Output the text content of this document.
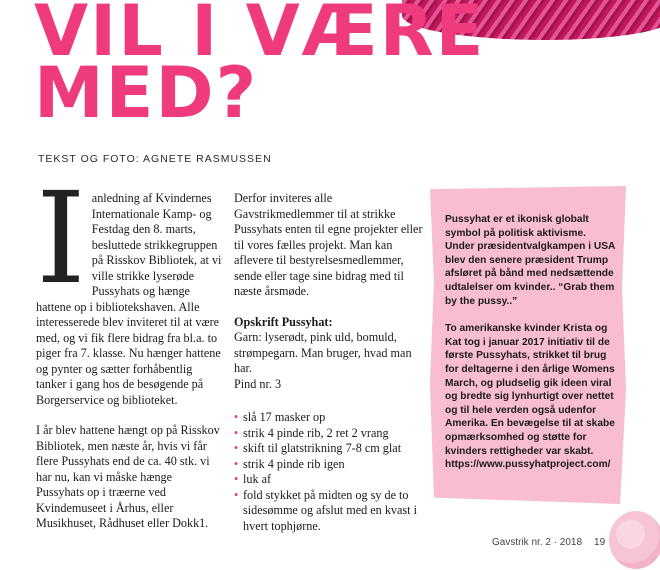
VIL I VÆRE
MED?
TEKST OG FOTO: AGNETE RASMUSSEN
I anledning af Kvindernes Internationale Kamp- og Festdag den 8. marts, besluttede strikkegruppen på Risskov Bibliotek, at vi ville strikke lyserøde Pussyhats og hænge hattene op i bibliotekshaven. Alle interesserede blev inviteret til at være med, og vi fik flere bidrag fra bl.a. to piger fra 7. klasse. Nu hænger hattene og pynter og sætter forhåbentlig tanker i gang hos de besøgende på Borgerservice og biblioteket.

I år blev hattene hængt op på Risskov Bibliotek, men næste år, hvis vi får flere Pussyhats end de ca. 40 stk. vi har nu, kan vi måske hænge Pussyhats op i træerne ved Kvindemuseet i Århus, eller Musikhuset, Rådhuset eller Dokk1.

Derfor inviteres alle Gavstrikmedlemmer til at strikke Pussyhats enten til egne projekter eller til vores fælles projekt. Man kan aflevere til bestyrelsesmedlemmer, sende eller tage sine bidrag med til næste årsmøde.

Opskrift Pussyhat:
Garn: lyserødt, pink uld, bomuld, strømpegarn. Man bruger, hvad man har.
Pind nr. 3
• slå 17 masker op
• strik 4 pinde rib, 2 ret 2 vrang
• skift til glatstrikning 7-8 cm glat
• strik 4 pinde rib igen
• luk af
• fold stykket på midten og sy de to sidesømme og afslut med en kvast i hvert tophjørne.

Pussyhat er et ikonisk globalt symbol på politisk aktivisme. Under præsidentvalgkampen i USA blev den senere præsident Trump afsløret på bånd med nedsættende udtalelser om kvinder.. “Grab them by the pussy..”

To amerikanske kvinder Krista og Kat tog i januar 2017 initiativ til de første Pussyhats, strikket til brug for deltagerne i den årlige Womens March, og pludselig gik ideen viral og bredte sig lynhurtigt over nettet og til hele verden også udenfor Amerika. En bevægelse til at skabe opmærksomhed og støtte for kvinders rettigheder var skabt. https://www.pussyhatproject.com/

Gavstrik nr. 2 · 2018 19
